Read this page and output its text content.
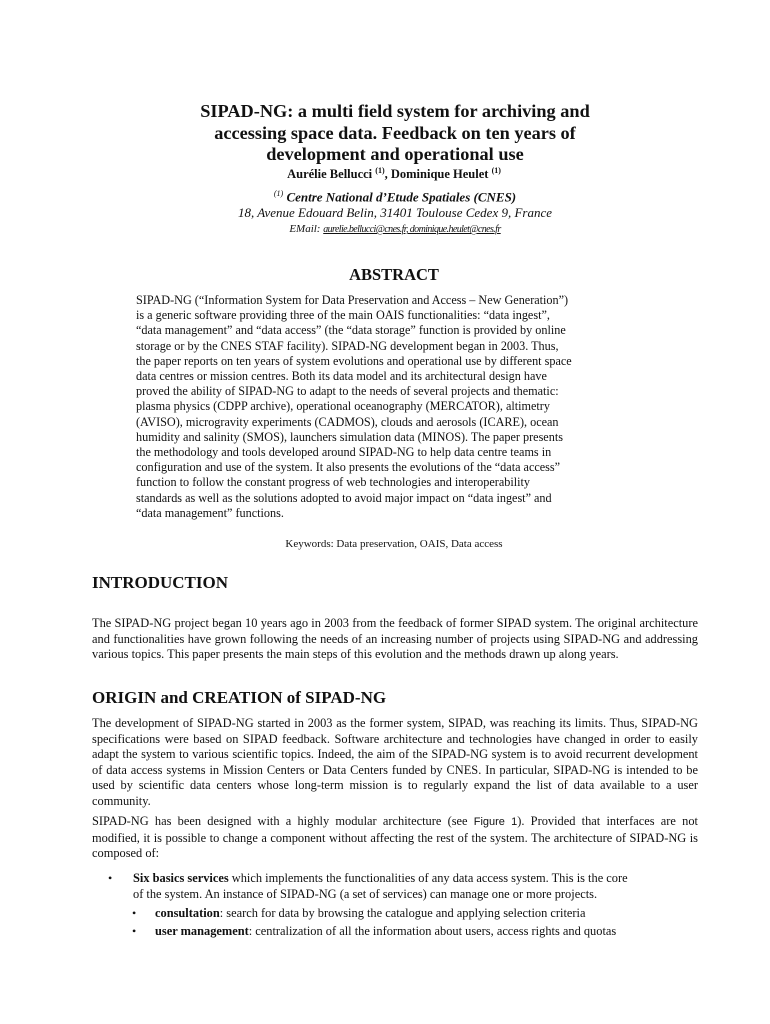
SIPAD-NG: a multi field system for archiving and
accessing space data. Feedback on ten years of
development and operational use
Aurélie Bellucci $^{(1)}$, Dominique Heulet $^{(1)}$
$^{(1)}$ Centre National d’Etude Spatiales (CNES)
18, Avenue Edouard Belin, 31401 Toulouse Cedex 9, France
EMail: aurelie.bellucci@cnes.fr, dominique.heulet@cnes.fr
ABSTRACT
SIPAD-NG (“Information System for Data Preservation and Access – New Generation”)
is a generic software providing three of the main OAIS functionalities: “data ingest”,
“data management” and “data access” (the “data storage” function is provided by online
storage or by the CNES STAF facility). SIPAD-NG development began in 2003. Thus,
the paper reports on ten years of system evolutions and operational use by different space
data centres or mission centres. Both its data model and its architectural design have
proved the ability of SIPAD-NG to adapt to the needs of several projects and thematic:
plasma physics (CDPP archive), operational oceanography (MERCATOR), altimetry
(AVISO), microgravity experiments (CADMOS), clouds and aerosols (ICARE), ocean
humidity and salinity (SMOS), launchers simulation data (MINOS). The paper presents
the methodology and tools developed around SIPAD-NG to help data centre teams in
configuration and use of the system. It also presents the evolutions of the “data access”
function to follow the constant progress of web technologies and interoperability
standards as well as the solutions adopted to avoid major impact on “data ingest” and
“data management” functions.
Keywords: Data preservation, OAIS, Data access
INTRODUCTION
The SIPAD-NG project began 10 years ago in 2003 from the feedback of former SIPAD system. The original architecture and functionalities have grown following the needs of an increasing number of projects using SIPAD-NG and addressing various topics. This paper presents the main steps of this evolution and the methods drawn up along years.
ORIGIN and CREATION of SIPAD-NG
The development of SIPAD-NG started in 2003 as the former system, SIPAD, was reaching its limits. Thus, SIPAD-NG specifications were based on SIPAD feedback. Software architecture and technologies have changed in order to easily adapt the system to various scientific topics. Indeed, the aim of the SIPAD-NG system is to avoid recurrent development of data access systems in Mission Centers or Data Centers funded by CNES. In particular, SIPAD-NG is intended to be used by scientific data centers whose long-term mission is to regularly expand the list of data available to a user community.
SIPAD-NG has been designed with a highly modular architecture (see Figure 1). Provided that interfaces are not modified, it is possible to change a component without affecting the rest of the system. The architecture of SIPAD-NG is composed of:
• Six basics services which implements the functionalities of any data access system. This is the core
of the system. An instance of SIPAD-NG (a set of services) can manage one or more projects.
• consultation: search for data by browsing the catalogue and applying selection criteria
• user management: centralization of all the information about users, access rights and quotas
